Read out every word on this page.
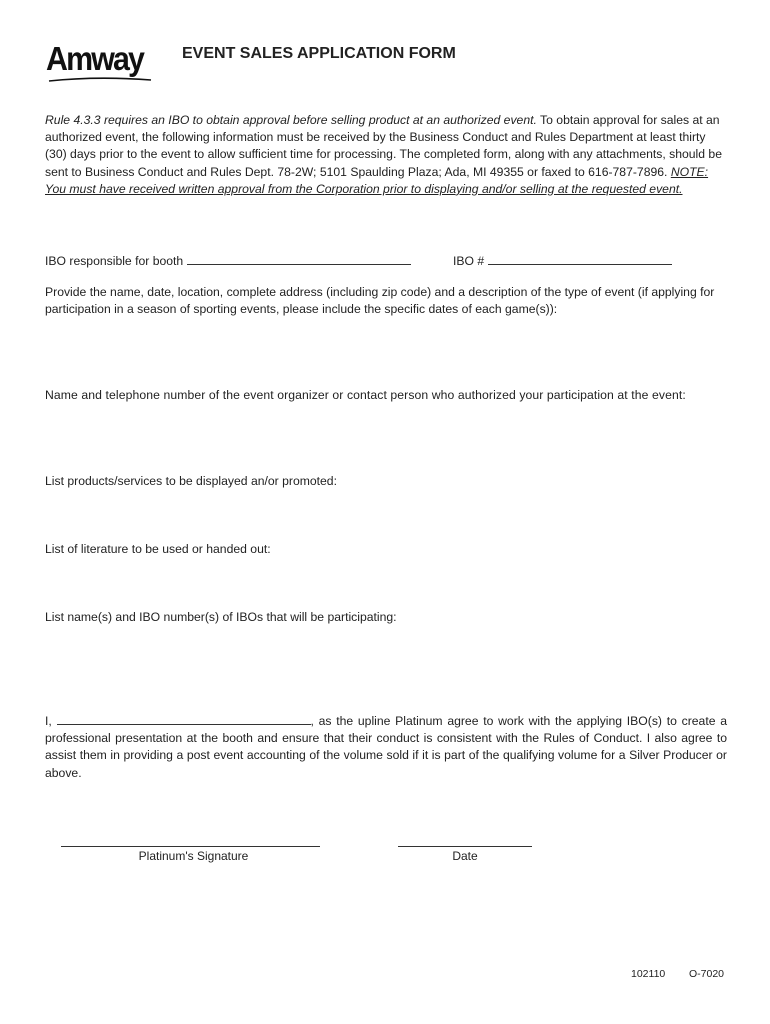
Amway EVENT SALES APPLICATION FORM
Rule 4.3.3 requires an IBO to obtain approval before selling product at an authorized event. To obtain approval for sales at an authorized event, the following information must be received by the Business Conduct and Rules Department at least thirty (30) days prior to the event to allow sufficient time for processing. The completed form, along with any attachments, should be sent to Business Conduct and Rules Dept. 78-2W; 5101 Spaulding Plaza; Ada, MI 49355 or faxed to 616-787-7896. NOTE: You must have received written approval from the Corporation prior to displaying and/or selling at the requested event.
IBO responsible for booth	IBO #
Provide the name, date, location, complete address (including zip code) and a description of the type of event (if applying for participation in a season of sporting events, please include the specific dates of each game(s)):
Name and telephone number of the event organizer or contact person who authorized your participation at the event:
List products/services to be displayed an/or promoted:
List of literature to be used or handed out:
List name(s) and IBO number(s) of IBOs that will be participating:
I,	, as the upline Platinum agree to work with the applying IBO(s) to create a professional presentation at the booth and ensure that their conduct is consistent with the Rules of Conduct. I also agree to assist them in providing a post event accounting of the volume sold if it is part of the qualifying volume for a Silver Producer or above.
Platinum's Signature	Date
102110 O-7020
